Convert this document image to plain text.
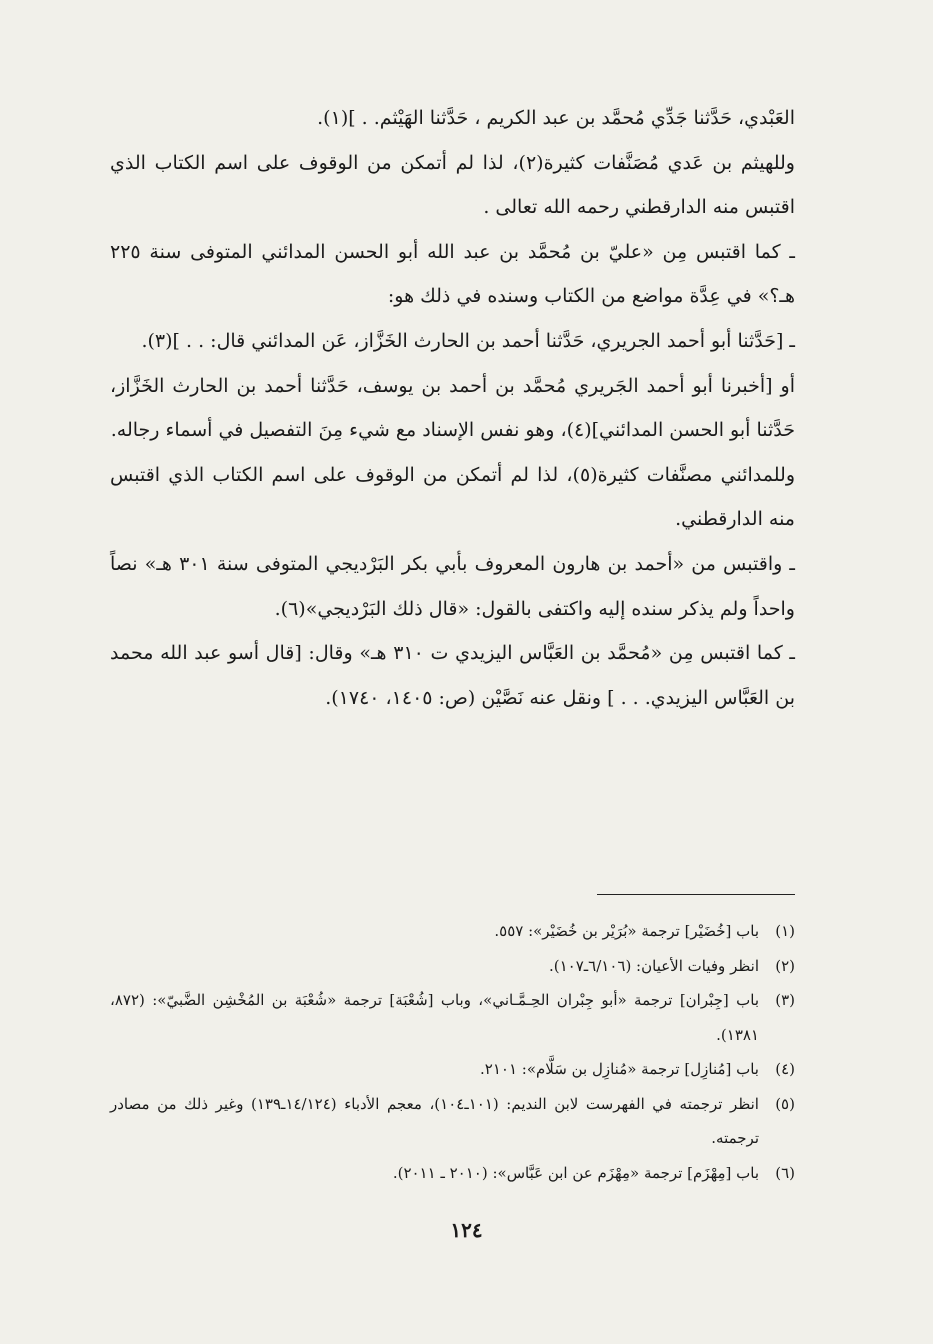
العَبْدي، حَدَّثنا جَدِّي مُحمَّد بن عبد الكريم ، حَدَّثنا الهَيْثم. . ](١).

وللهيثم بن عَدي مُصَنَّفات كثيرة(٢)، لذا لم أتمكن من الوقوف على اسم الكتاب الذي اقتبس منه الدارقطني رحمه الله تعالى .

ـ كما اقتبس مِن «عليّ بن مُحمَّد بن عبد الله أبو الحسن المدائني المتوفى سنة ٢٢٥ هـ؟» في عِدَّة مواضع من الكتاب وسنده في ذلك هو:

ـ [حَدَّثنا أبو أحمد الجريري، حَدَّثنا أحمد بن الحارث الخَزَّاز، عَن المدائني قال: . . ](٣).

أو [أخبرنا أبو أحمد الجَريري مُحمَّد بن أحمد بن يوسف، حَدَّثنا أحمد بن الحارث الخَزَّاز، حَدَّثنا أبو الحسن المدائني](٤)، وهو نفس الإسناد مع شيء مِنَ التفصيل في أسماء رجاله.

وللمدائني مصنَّفات كثيرة(٥)، لذا لم أتمكن من الوقوف على اسم الكتاب الذي اقتبس منه الدارقطني.

ـ واقتبس من «أحمد بن هارون المعروف بأبي بكر البَرْديجي المتوفى سنة ٣٠١ هـ» نصاً واحداً ولم يذكر سنده إليه واكتفى بالقول: «قال ذلك البَرْديجي»(٦).

ـ كما اقتبس مِن «مُحمَّد بن العَبَّاس اليزيدي ت ٣١٠ هـ» وقال: [قال أسو عبد الله محمد بن العَبَّاس اليزيدي. . . ] ونقل عنه نَصَّيْن (ص: ١٤٠٥، ١٧٤٠).

(١)باب [خُضَيْر] ترجمة «بُرَيْر بن خُضَيْر»: ٥٥٧.

(٢)انظر وفيات الأعيان: (٦/١٠٦ـ١٠٧).

(٣)باب [جِبْران] ترجمة «أبو جِبْران الحِـمَّـاني»، وباب [شُعْبَة] ترجمة «شُعْبَة بن المُخْشِن الضَّبيّ»: (٨٧٢، ١٣٨١).

(٤)باب [مُنازِل] ترجمة «مُنازِل بن سَلَّام»: ٢١٠١.

(٥)انظر ترجمته في الفهرست لابن النديم: (١٠١ـ١٠٤)، معجم الأدباء (١٤/١٢٤ـ١٣٩) وغير ذلك من مصادر ترجمته.

(٦)باب [مِهْزَم] ترجمة «مِهْزَم عن ابن عَبَّاس»: (٢٠١٠ ـ ٢٠١١).

١٢٤
